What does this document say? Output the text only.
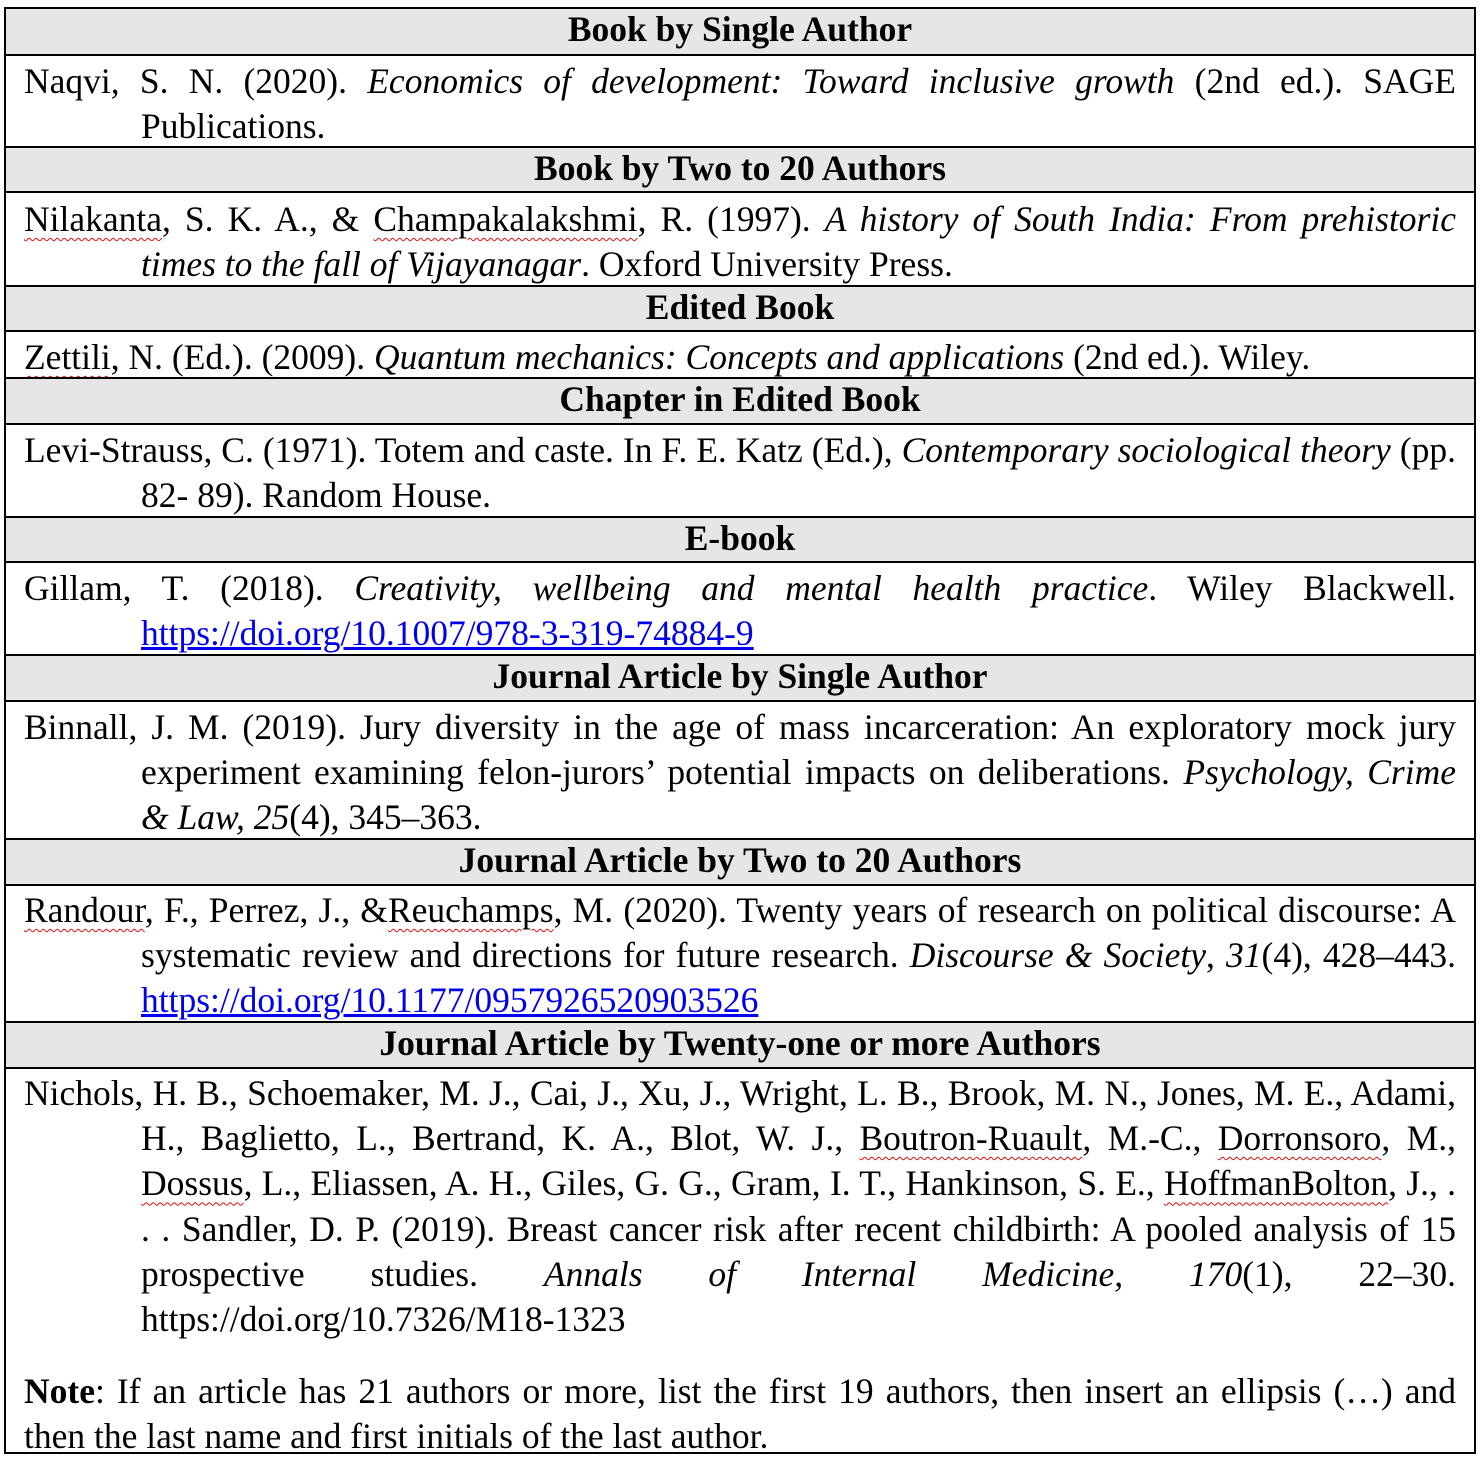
Book by Single Author

Naqvi, S. N. (2020). Economics of development: Toward inclusive growth (2nd ed.). SAGE Publications.

Book by Two to 20 Authors

Nilakanta, S. K. A., & Champakalakshmi, R. (1997). A history of South India: From prehistoric times to the fall of Vijayanagar. Oxford University Press.

Edited Book

Zettili, N. (Ed.). (2009). Quantum mechanics: Concepts and applications (2nd ed.). Wiley.

Chapter in Edited Book

Levi-Strauss, C. (1971). Totem and caste. In F. E. Katz (Ed.), Contemporary sociological theory (pp. 82- 89). Random House.

E-book

Gillam, T. (2018). Creativity, wellbeing and mental health practice. Wiley Blackwell. https://doi.org/10.1007/978-3-319-74884-9

Journal Article by Single Author

Binnall, J. M. (2019). Jury diversity in the age of mass incarceration: An exploratory mock jury experiment examining felon-jurors’ potential impacts on deliberations. Psychology, Crime & Law, 25(4), 345–363.

Journal Article by Two to 20 Authors

Randour, F., Perrez, J., &Reuchamps, M. (2020). Twenty years of research on political discourse: A systematic review and directions for future research. Discourse & Society, 31(4), 428–443. https://doi.org/10.1177/0957926520903526

Journal Article by Twenty-one or more Authors

Nichols, H. B., Schoemaker, M. J., Cai, J., Xu, J., Wright, L. B., Brook, M. N., Jones, M. E., Adami, H., Baglietto, L., Bertrand, K. A., Blot, W. J., Boutron-Ruault, M.-C., Dorronsoro, M., Dossus, L., Eliassen, A. H., Giles, G. G., Gram, I. T., Hankinson, S. E., HoffmanBolton, J., . . . Sandler, D. P. (2019). Breast cancer risk after recent childbirth: A pooled analysis of 15 prospective studies. Annals of Internal Medicine, 170(1), 22–30. https://doi.org/10.7326/M18-1323

Note: If an article has 21 authors or more, list the first 19 authors, then insert an ellipsis (…) and then the last name and first initials of the last author.
